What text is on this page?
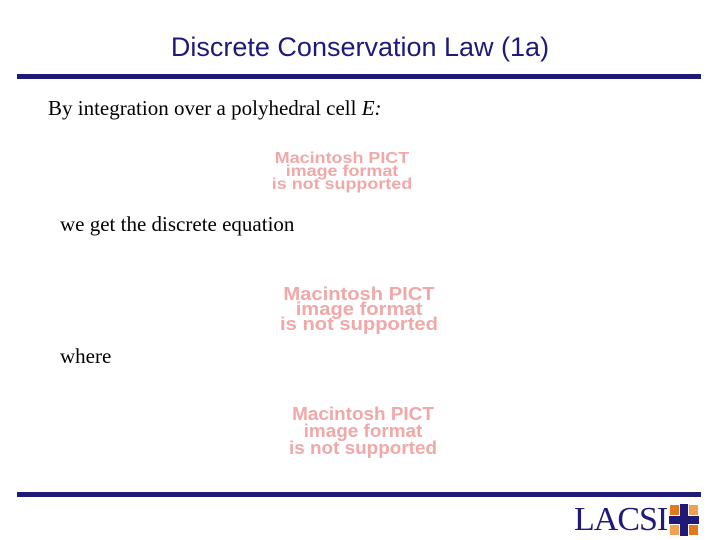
Discrete Conservation Law (1a)
By integration over a polyhedral cell E:
Macintosh PICT
image format
is not supported
we get the discrete equation
Macintosh PICT
image format
is not supported
where
Macintosh PICT
image format
is not supported
LACSI
